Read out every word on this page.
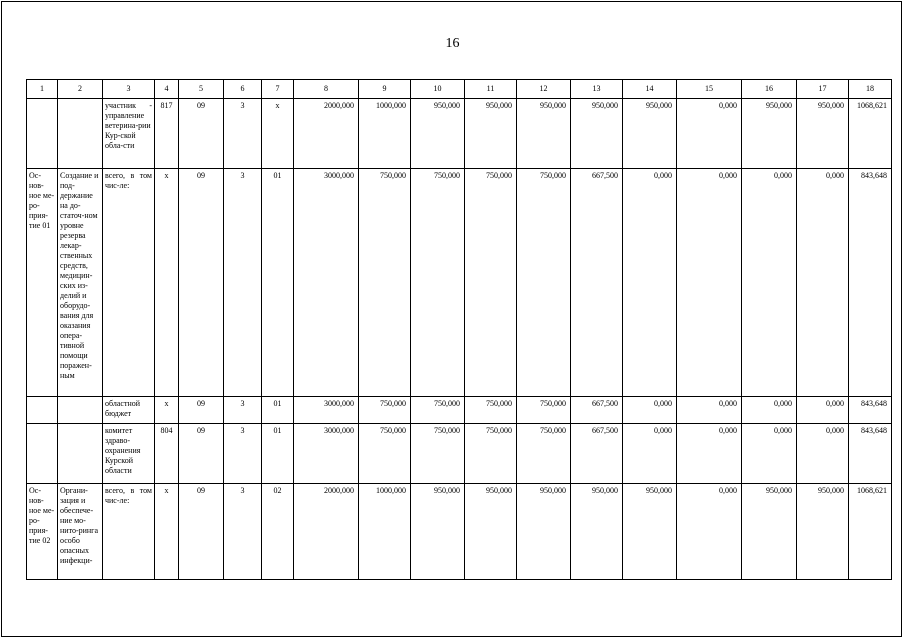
16
1	2	3	4	5	6	7	8	9	10	11	12	13	14	15	16	17	18
		участник - управление ветерина-рии Кур-ской обла-сти	817	09	3	х	2000,000	1000,000	950,000	950,000	950,000	950,000	950,000	0,000	950,000	950,000	1068,621
Ос-нов-ное ме-ро-прия-тие 01	Создание и под-держание на до-статоч-ном уровне резерва лекар-ственных средств, медицин-ских из-делий и оборудо-вания для оказания опера-тивной помощи поражен-ным	всего, в том чис-ле:	х	09	3	01	3000,000	750,000	750,000	750,000	750,000	667,500	0,000	0,000	0,000	0,000	843,648
		областной бюджет	х	09	3	01	3000,000	750,000	750,000	750,000	750,000	667,500	0,000	0,000	0,000	0,000	843,648
		комитет здраво-охранения Курской области	804	09	3	01	3000,000	750,000	750,000	750,000	750,000	667,500	0,000	0,000	0,000	0,000	843,648
Ос-нов-ное ме-ро-прия-тие 02	Органи-зация и обеспече-ние мо-нито-ринга особо опасных инфекци-	всего, в том чис-ле:	х	09	3	02	2000,000	1000,000	950,000	950,000	950,000	950,000	950,000	0,000	950,000	950,000	1068,621
